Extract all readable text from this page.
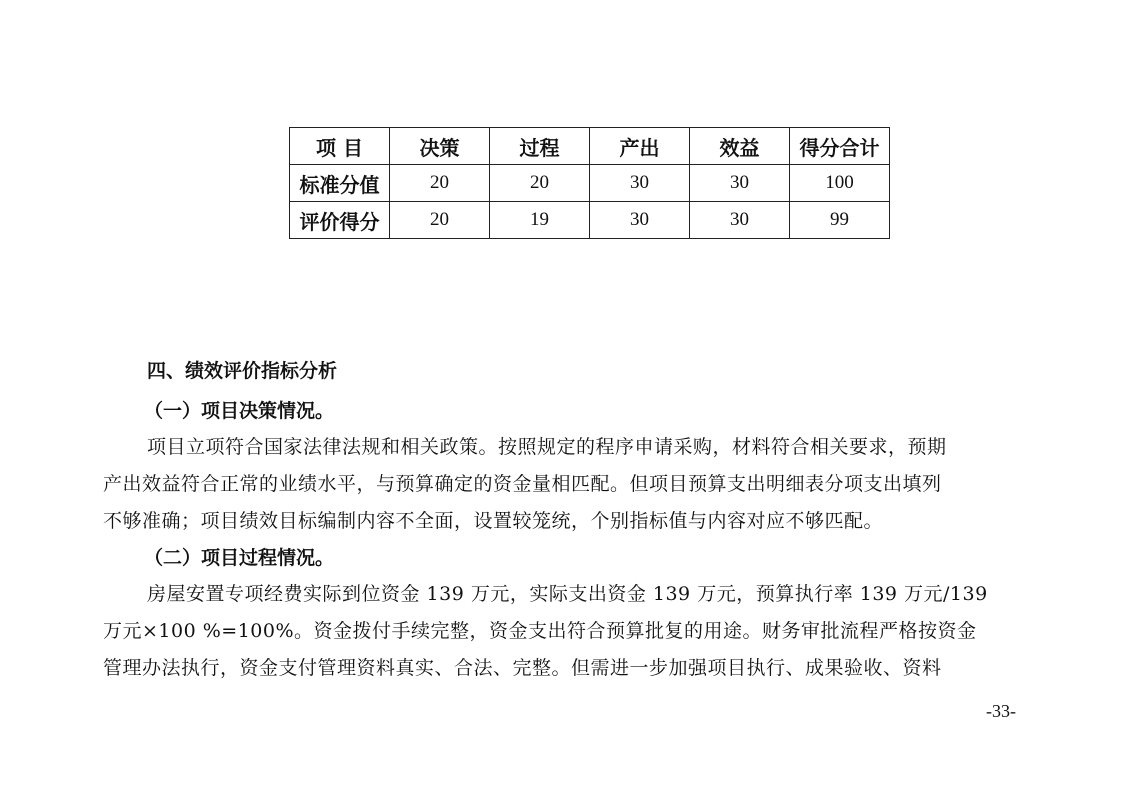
项 目	决策	过程	产出	效益	得分合计
标准分值	20	20	30	30	100
评价得分	20	19	30	30	99
四、绩效评价指标分析
（一）项目决策情况。
项目立项符合国家法律法规和相关政策。按照规定的程序申请采购，材料符合相关要求，预期
产出效益符合正常的业绩水平，与预算确定的资金量相匹配。但项目预算支出明细表分项支出填列
不够准确；项目绩效目标编制内容不全面，设置较笼统，个别指标值与内容对应不够匹配。
（二）项目过程情况。
房屋安置专项经费实际到位资金 139 万元，实际支出资金 139 万元，预算执行率 139 万元/139
万元×100 %=100%。资金拨付手续完整，资金支出符合预算批复的用途。财务审批流程严格按资金
管理办法执行，资金支付管理资料真实、合法、完整。但需进一步加强项目执行、成果验收、资料
-33-
